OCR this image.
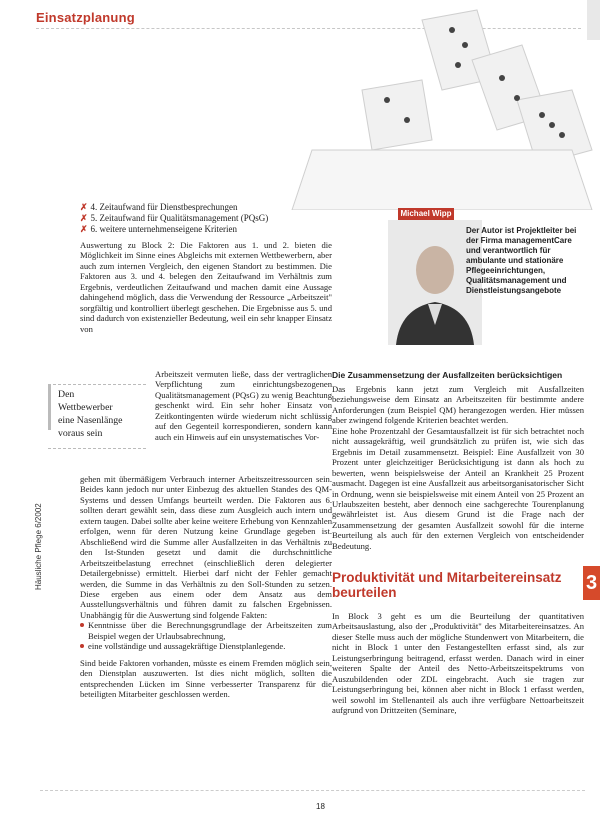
Einsatzplanung
✗ 4. Zeitaufwand für Dienstbesprechungen
✗ 5. Zeitaufwand für Qualitätsmanagement (PQsG)
✗ 6. weitere unternehmenseigene Kriterien

Auswertung zu Block 2: Die Faktoren aus 1. und 2. bieten die Möglichkeit im Sinne eines Abgleichs mit externen Wettbewerbern, aber auch zum internen Vergleich, den eigenen Standort zu bestimmen. Die Faktoren aus 3. und 4. belegen den Zeitaufwand im Verhältnis zum Ergebnis, verdeutlichen Zeitaufwand und machen damit eine Aussage dahingehend möglich, dass die Verwendung der Ressource „Arbeitszeit" sorgfältig und kontrolliert überlegt geschehen. Die Ergebnisse aus 5. und sind dadurch von existenzieller Bedeutung, weil ein sehr knapper Einsatz von

Den
Wettbewerber
eine Nasenlänge
voraus sein
Arbeitszeit vermuten ließe, dass der vertraglichen Verpflichtung zum einrichtungsbezogenen Qualitätsmanagement (PQsG) zu wenig Beachtung geschenkt wird. Ein sehr hoher Einsatz von Zeitkontingenten würde wiederum nicht schlüssig auf den Gegenteil korrespondieren, sondern kann auch ein Hinweis auf ein unsystematisches Vor-

gehen mit übermäßigem Verbrauch interner Arbeitszeitressourcen sein. Beides kann jedoch nur unter Einbezug des aktuellen Standes des QM-Systems und dessen Umfangs beurteilt werden. Die Faktoren aus 6. sollten derart gewählt sein, dass diese zum Ausgleich auch intern und extern taugen. Dabei sollte aber keine weitere Erhebung von Kennzahlen erfolgen, wenn für deren Nutzung keine Grundlage gegeben ist. Abschließend wird die Summe aller Ausfallzeiten in das Verhältnis zu den Ist-Stunden gesetzt und damit die durchschnittliche Arbeitszeitbelastung errechnet (einschließlich deren delegierter Detailergebnisse) ermittelt. Hierbei darf nicht der Fehler gemacht werden, die Summe in das Verhältnis zu den Soll-Stunden zu setzen. Diese ergeben aus einem oder dem Ansatz aus dem Ausstellungsverhältnis und führen damit zu falschen Ergebnissen. Unabhängig für die Auswertung sind folgende Fakten:

Kenntnisse über die Berechnungsgrundlage der Arbeitszeiten zum Beispiel wegen der Urlaubsabrechnung,
eine vollständige und aussagekräftige Dienstplanlegende.

Sind beide Faktoren vorhanden, müsste es einem Fremden möglich sein, den Dienstplan auszuwerten. Ist dies nicht möglich, sollten die entsprechenden Lücken im Sinne verbesserter Transparenz für die beteiligten Mitarbeiter geschlossen werden.

Michael Wipp
Der Autor ist Projektleiter bei der Firma managementCare und verantwortlich für ambulante und stationäre Pflegeeinrichtungen, Qualitätsmanagement und Dienstleistungsangebote
Die Zusammensetzung der Ausfallzeiten berücksichtigen

Das Ergebnis kann jetzt zum Vergleich mit Ausfallzeiten beziehungsweise dem Einsatz an Arbeitszeiten für bestimmte andere Anforderungen (zum Beispiel QM) herangezogen werden. Hier müssen aber zwingend folgende Kriterien beachtet werden.

Eine hohe Prozentzahl der Gesamtausfallzeit ist für sich betrachtet noch nicht aussagekräftig, weil grundsätzlich zu prüfen ist, wie sich das Ergebnis im Detail zusammensetzt. Beispiel: Eine Ausfallzeit von 30 Prozent unter gleichzeitiger Berücksichtigung ist dann als hoch zu bewerten, wenn beispielsweise der Anteil an Krankheit 25 Prozent ausmacht. Dagegen ist eine Ausfallzeit aus arbeitsorganisatorischer Sicht in Ordnung, wenn sie beispielsweise mit einem Anteil von 25 Prozent an Urlaubszeiten besteht, aber dennoch eine sachgerechte Tourenplanung gewährleistet ist. Aus diesem Grund ist die Frage nach der Zusammensetzung der gesamten Ausfallzeit sowohl für die interne Beurteilung als auch für den externen Vergleich von entscheidender Bedeutung.

Produktivität und Mitarbeitereinsatz beurteilen	3

In Block 3 geht es um die Beurteilung der quantitativen Arbeitsauslastung, also der „Produktivität" des Mitarbeitereinsatzes. An dieser Stelle muss auch der mögliche Stundenwert von Mitarbeitern, die nicht in Block 1 unter den Festangestellten erfasst sind, als zur Leistungserbringung beitragend, erfasst werden. Danach wird in einer weiteren Spalte der Anteil des Netto-Arbeitszeitspektrums von Auszubildenden oder ZDL eingebracht. Auch sie tragen zur Leistungserbringung bei, können aber nicht in Block 1 erfasst werden, weil sowohl im Stellenanteil als auch ihre verfügbare Nettoarbeitszeit aufgrund von Drittzeiten (Seminare,

Häusliche Pflege 6/2002
18
